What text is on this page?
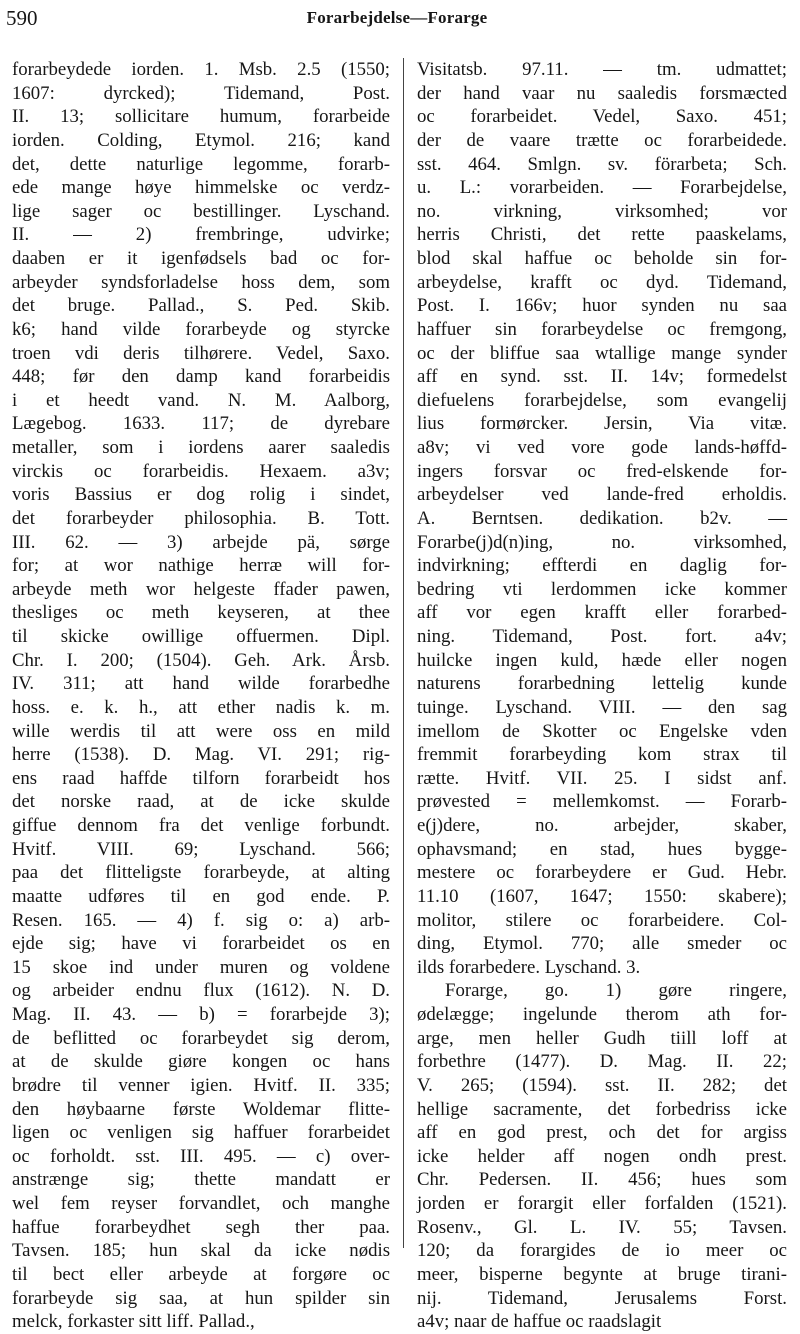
590	Forarbejdelse—Forarge
forarbeydede iorden. 1. Msb. 2.5 (1550;
1607: dyrcked); Tidemand, Post.
II. 13; sollicitare humum, forarbeide
iorden. Colding, Etymol. 216; kand
det, dette naturlige legomme, forarb-
ede mange høye himmelske oc verdz-
lige sager oc bestillinger. Lyschand.
II. — 2) frembringe, udvirke;
daaben er it igenfødsels bad oc for-
arbeyder syndsforladelse hoss dem, som
det bruge. Pallad., S. Ped. Skib.
k6; hand vilde forarbeyde og styrcke
troen vdi deris tilhørere. Vedel, Saxo.
448; før den damp kand forarbeidis
i et heedt vand. N. M. Aalborg,
Lægebog. 1633. 117; de dyrebare
metaller, som i iordens aarer saaledis
virckis oc forarbeidis. Hexaem. a3v;
voris Bassius er dog rolig i sindet,
det forarbeyder philosophia. B. Tott.
III. 62. — 3) arbejde pä, sørge
for; at wor nathige herræ will for-
arbeyde meth wor helgeste ffader pawen,
thesliges oc meth keyseren, at thee
til skicke owillige offuermen. Dipl.
Chr. I. 200; (1504). Geh. Ark. Årsb.
IV. 311; att hand wilde forarbedhe
hoss. e. k. h., att ether nadis k. m.
wille werdis til att were oss en mild
herre (1538). D. Mag. VI. 291; rig-
ens raad haffde tilforn forarbeidt hos
det norske raad, at de icke skulde
giffue dennom fra det venlige forbundt.
Hvitf. VIII. 69; Lyschand. 566;
paa det flitteligste forarbeyde, at alting
maatte udføres til en god ende. P.
Resen. 165. — 4) f. sig o: a) arb-
ejde sig; have vi forarbeidet os en
15 skoe ind under muren og voldene
og arbeider endnu flux (1612). N. D.
Mag. II. 43. — b) = forarbejde 3);
de beflitted oc forarbeydet sig derom,
at de skulde giøre kongen oc hans
brødre til venner igien. Hvitf. II. 335;
den høybaarne første Woldemar flitte-
ligen oc venligen sig haffuer forarbeidet
oc forholdt. sst. III. 495. — c) over-
anstrænge sig; thette mandatt er
wel fem reyser forvandlet, och manghe
haffue forarbeydhet segh ther paa.
Tavsen. 185; hun skal da icke nødis
til bect eller arbeyde at forgøre oc
forarbeyde sig saa, at hun spilder sin
melck, forkaster sitt liff. Pallad.,
Visitatsb. 97.11. — tm. udmattet;
der hand vaar nu saaledis forsmæcted
oc forarbeidet. Vedel, Saxo. 451;
der de vaare trætte oc forarbeidede.
sst. 464. Smlgn. sv. förarbeta; Sch.
u. L.: vorarbeiden. — Forarbejdelse,
no. virkning, virksomhed; vor
herris Christi, det rette paaskelams,
blod skal haffue oc beholde sin for-
arbeydelse, krafft oc dyd. Tidemand,
Post. I. 166v; huor synden nu saa
haffuer sin forarbeydelse oc fremgong,
oc der bliffue saa wtallige mange synder
aff en synd. sst. II. 14v; formedelst
diefuelens forarbejdelse, som evangelij
lius formørcker. Jersin, Via vitæ.
a8v; vi ved vore gode lands-høffd-
ingers forsvar oc fred-elskende for-
arbeydelser ved lande-fred erholdis.
A. Berntsen. dedikation. b2v. —
Forarbe(j)d(n)ing, no. virksomhed,
indvirkning; effterdi en daglig for-
bedring vti lerdommen icke kommer
aff vor egen krafft eller forarbed-
ning. Tidemand, Post. fort. a4v;
huilcke ingen kuld, hæde eller nogen
naturens forarbedning lettelig kunde
tuinge. Lyschand. VIII. — den sag
imellom de Skotter oc Engelske vden
fremmit forarbeyding kom strax til
rætte. Hvitf. VII. 25. I sidst anf.
prøvested = mellemkomst. — Forarb-
e(j)dere, no. arbejder, skaber,
ophavsmand; en stad, hues bygge-
mestere oc forarbeydere er Gud. Hebr.
11.10 (1607, 1647; 1550: skabere);
molitor, stilere oc forarbeidere. Col-
ding, Etymol. 770; alle smeder oc
ilds forarbedere. Lyschand. 3.
Forarge, go. 1) gøre ringere,
ødelægge; ingelunde therom ath for-
arge, men heller Gudh tiill loff at
forbethre (1477). D. Mag. II. 22;
V. 265; (1594). sst. II. 282; det
hellige sacramente, det forbedriss icke
aff en god prest, och det for argiss
icke helder aff nogen ondh prest.
Chr. Pedersen. II. 456; hues som
jorden er forargit eller forfalden (1521).
Rosenv., Gl. L. IV. 55; Tavsen.
120; da forargides de io meer oc
meer, bisperne begynte at bruge tirani-
nij. Tidemand, Jerusalems Forst.
a4v; naar de haffue oc raadslagit
